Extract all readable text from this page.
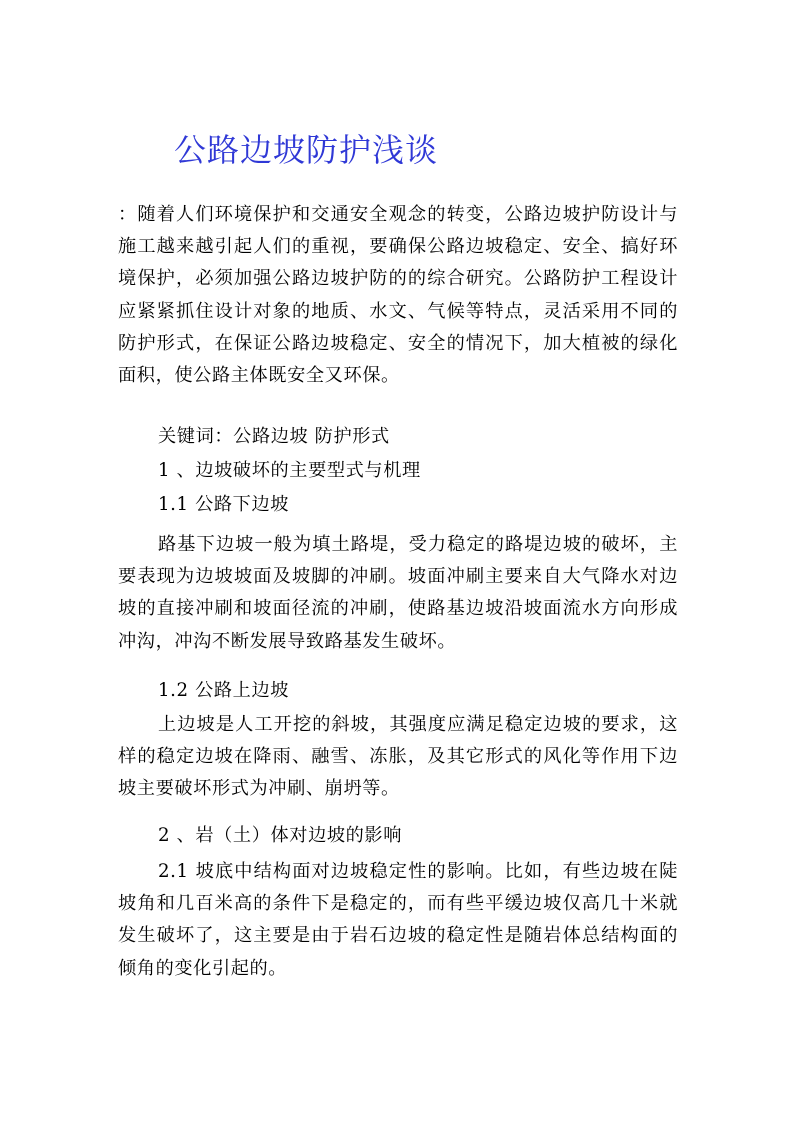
公路边坡防护浅谈
：随着人们环境保护和交通安全观念的转变，公路边坡护防设计与
施工越来越引起人们的重视，要确保公路边坡稳定、安全、搞好环
境保护，必须加强公路边坡护防的的综合研究。公路防护工程设计
应紧紧抓住设计对象的地质、水文、气候等特点，灵活采用不同的
防护形式，在保证公路边坡稳定、安全的情况下，加大植被的绿化
面积，使公路主体既安全又环保。
关键词：公路边坡 防护形式
1 、边坡破坏的主要型式与机理
1.1 公路下边坡
路基下边坡一般为填土路堤，受力稳定的路堤边坡的破坏，主
要表现为边坡坡面及坡脚的冲刷。坡面冲刷主要来自大气降水对边
坡的直接冲刷和坡面径流的冲刷，使路基边坡沿坡面流水方向形成
冲沟，冲沟不断发展导致路基发生破坏。
1.2 公路上边坡
上边坡是人工开挖的斜坡，其强度应满足稳定边坡的要求，这
样的稳定边坡在降雨、融雪、冻胀，及其它形式的风化等作用下边
坡主要破坏形式为冲刷、崩坍等。
2 、岩（土）体对边坡的影响
2.1 坡底中结构面对边坡稳定性的影响。比如，有些边坡在陡
坡角和几百米高的条件下是稳定的，而有些平缓边坡仅高几十米就
发生破坏了，这主要是由于岩石边坡的稳定性是随岩体总结构面的
倾角的变化引起的。
